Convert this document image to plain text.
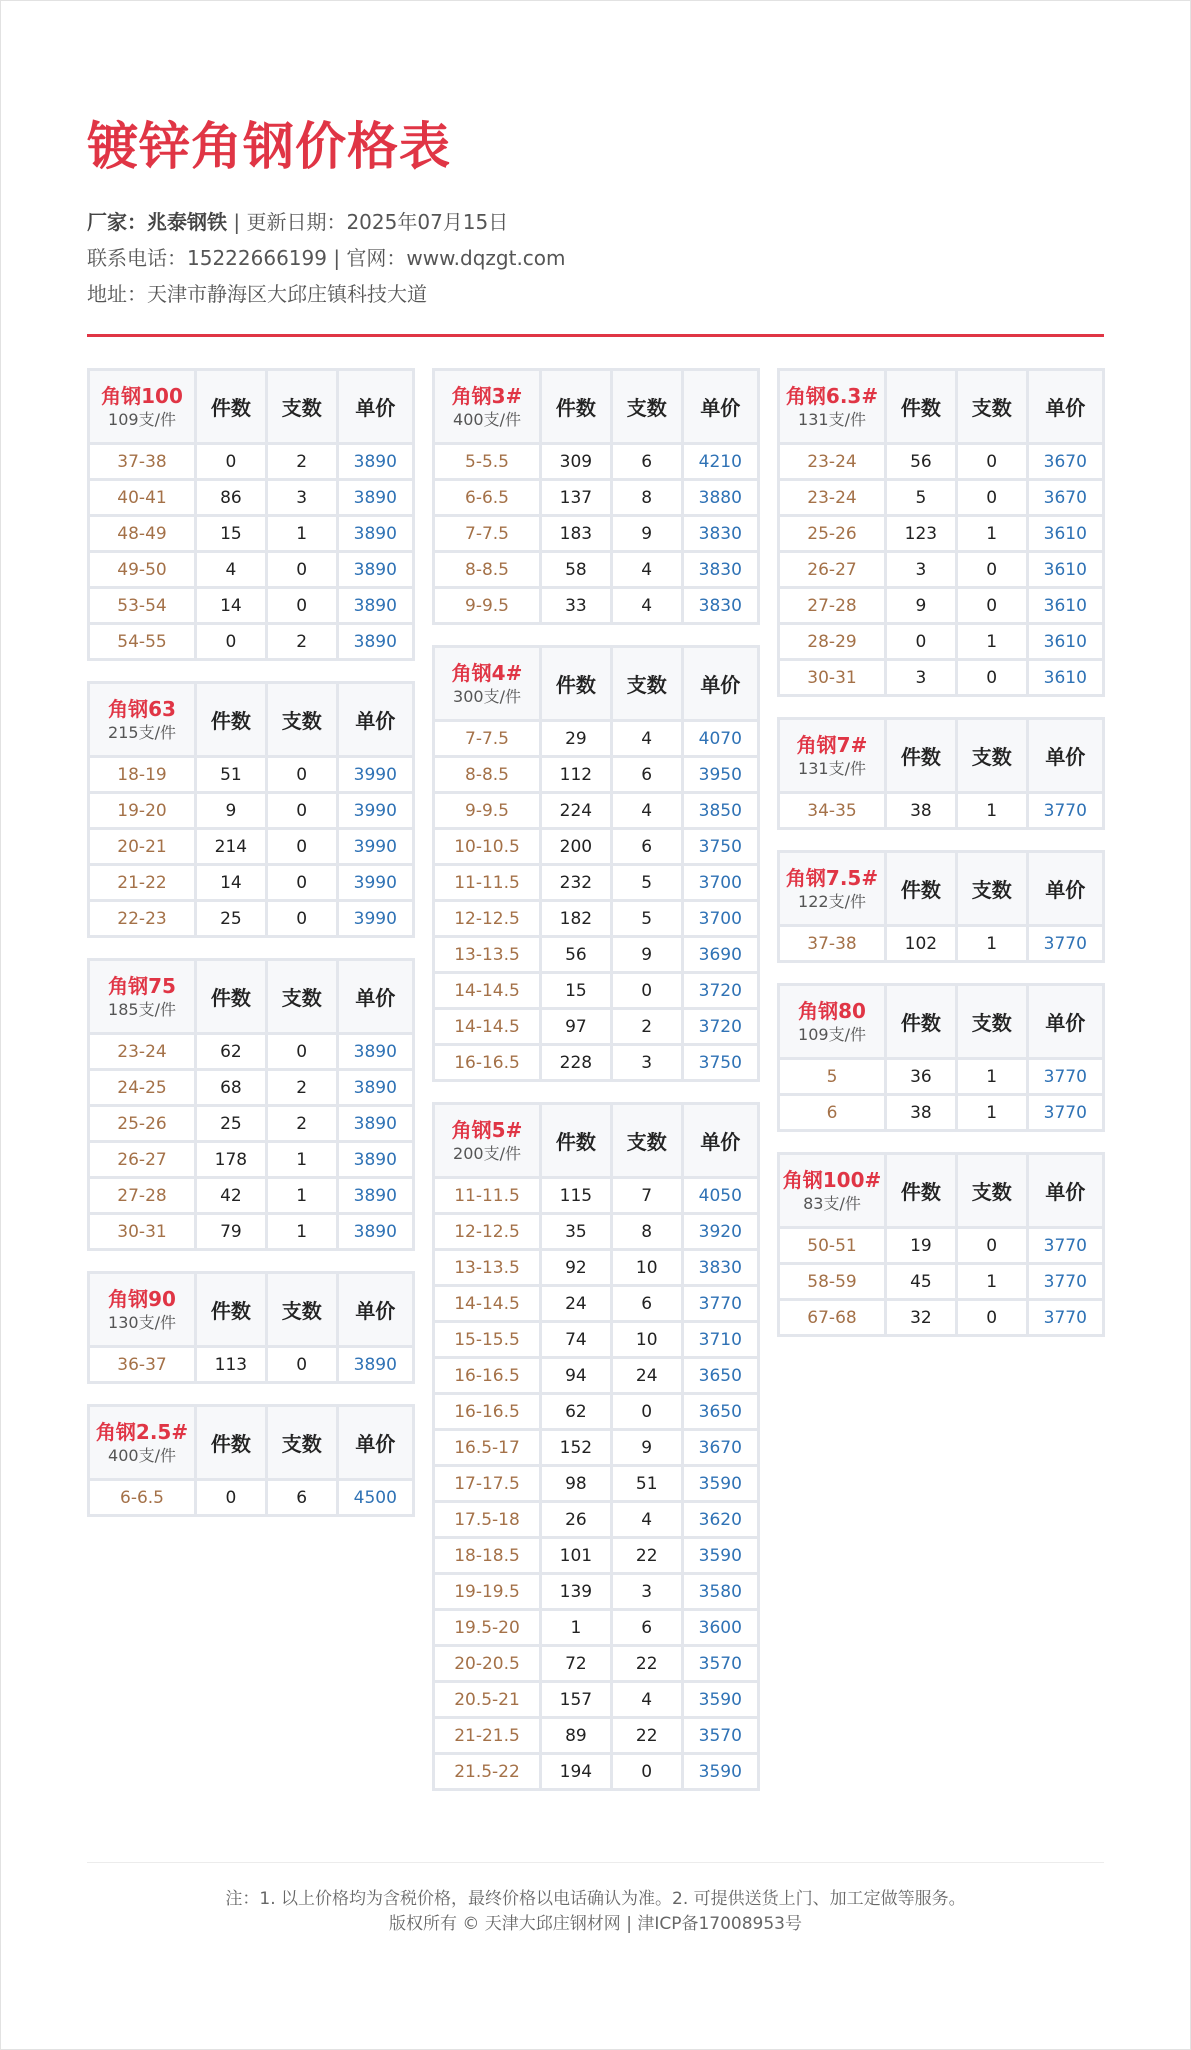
镀锌角钢价格表
厂家：兆泰钢铁 | 更新日期：2025年07月15日
联系电话：15222666199 | 官网：www.dqzgt.com
地址：天津市静海区大邱庄镇科技大道
角钢100
109支/件	件数	支数	单价
37-38	0	2	3890
40-41	86	3	3890
48-49	15	1	3890
49-50	4	0	3890
53-54	14	0	3890
54-55	0	2	3890
角钢63
215支/件	件数	支数	单价
18-19	51	0	3990
19-20	9	0	3990
20-21	214	0	3990
21-22	14	0	3990
22-23	25	0	3990
角钢75
185支/件	件数	支数	单价
23-24	62	0	3890
24-25	68	2	3890
25-26	25	2	3890
26-27	178	1	3890
27-28	42	1	3890
30-31	79	1	3890
角钢90
130支/件	件数	支数	单价
36-37	113	0	3890
角钢2.5#
400支/件	件数	支数	单价
6-6.5	0	6	4500
角钢3#
400支/件	件数	支数	单价
5-5.5	309	6	4210
6-6.5	137	8	3880
7-7.5	183	9	3830
8-8.5	58	4	3830
9-9.5	33	4	3830
角钢4#
300支/件	件数	支数	单价
7-7.5	29	4	4070
8-8.5	112	6	3950
9-9.5	224	4	3850
10-10.5	200	6	3750
11-11.5	232	5	3700
12-12.5	182	5	3700
13-13.5	56	9	3690
14-14.5	15	0	3720
14-14.5	97	2	3720
16-16.5	228	3	3750
角钢5#
200支/件	件数	支数	单价
11-11.5	115	7	4050
12-12.5	35	8	3920
13-13.5	92	10	3830
14-14.5	24	6	3770
15-15.5	74	10	3710
16-16.5	94	24	3650
16-16.5	62	0	3650
16.5-17	152	9	3670
17-17.5	98	51	3590
17.5-18	26	4	3620
18-18.5	101	22	3590
19-19.5	139	3	3580
19.5-20	1	6	3600
20-20.5	72	22	3570
20.5-21	157	4	3590
21-21.5	89	22	3570
21.5-22	194	0	3590
角钢6.3#
131支/件	件数	支数	单价
23-24	56	0	3670
23-24	5	0	3670
25-26	123	1	3610
26-27	3	0	3610
27-28	9	0	3610
28-29	0	1	3610
30-31	3	0	3610
角钢7#
131支/件	件数	支数	单价
34-35	38	1	3770
角钢7.5#
122支/件	件数	支数	单价
37-38	102	1	3770
角钢80
109支/件	件数	支数	单价
5	36	1	3770
6	38	1	3770
角钢100#
83支/件	件数	支数	单价
50-51	19	0	3770
58-59	45	1	3770
67-68	32	0	3770
注：1. 以上价格均为含税价格，最终价格以电话确认为准。2. 可提供送货上门、加工定做等服务。
版权所有 © 天津大邱庄钢材网 | 津ICP备17008953号
